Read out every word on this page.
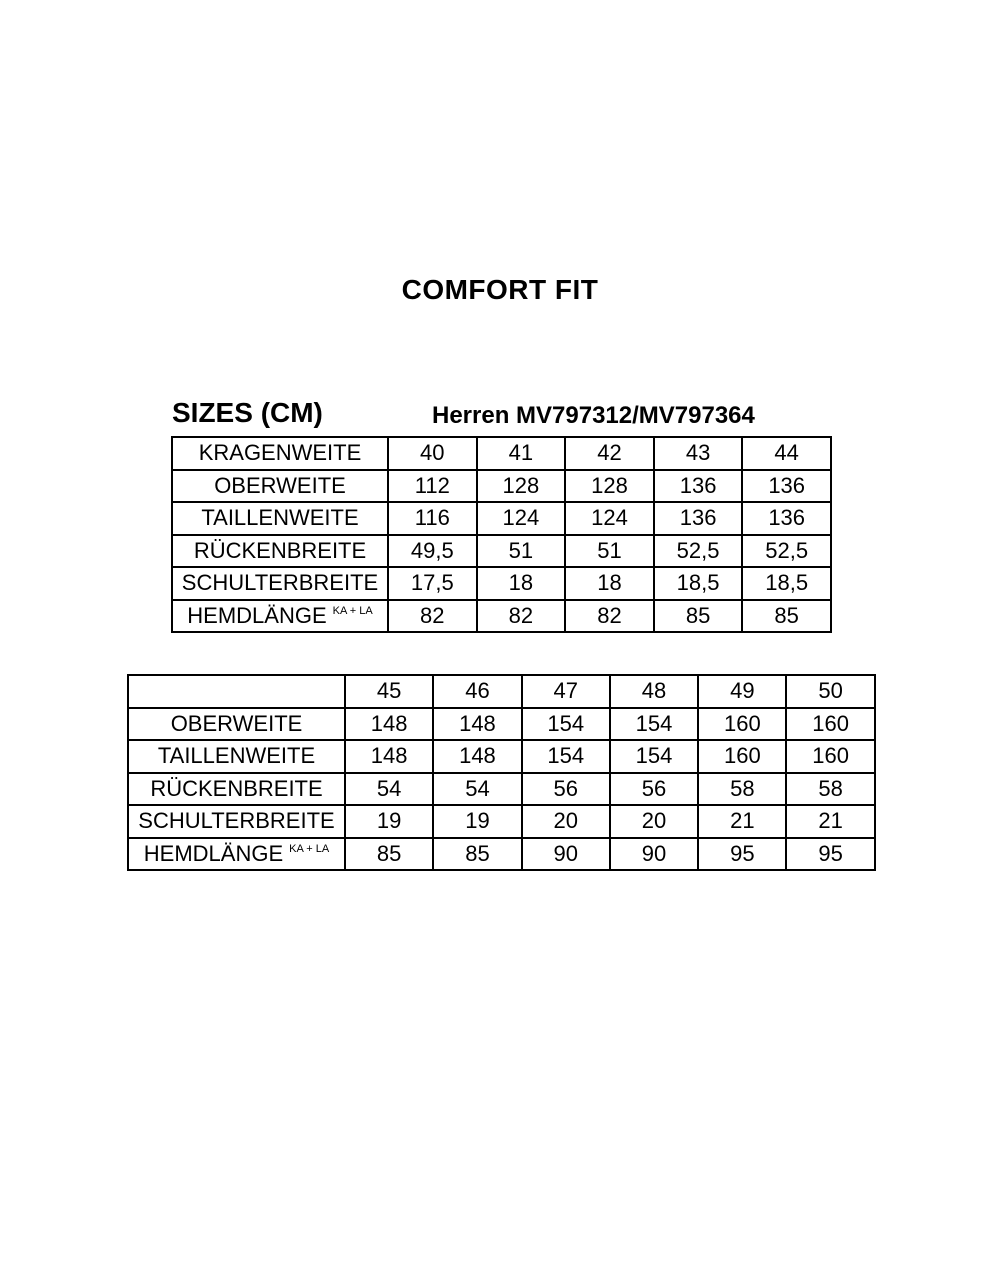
COMFORT FIT
SIZES (CM)	Herren MV797312/MV797364
KRAGENWEITE	40	41	42	43	44
OBERWEITE	112	128	128	136	136
TAILLENWEITE	116	124	124	136	136
RÜCKENBREITE	49,5	51	51	52,5	52,5
SCHULTERBREITE	17,5	18	18	18,5	18,5
HEMDLÄNGE $^{KA + LA}$	82	82	82	85	85
	45	46	47	48	49	50
OBERWEITE	148	148	154	154	160	160
TAILLENWEITE	148	148	154	154	160	160
RÜCKENBREITE	54	54	56	56	58	58
SCHULTERBREITE	19	19	20	20	21	21
HEMDLÄNGE $^{KA + LA}$	85	85	90	90	95	95
